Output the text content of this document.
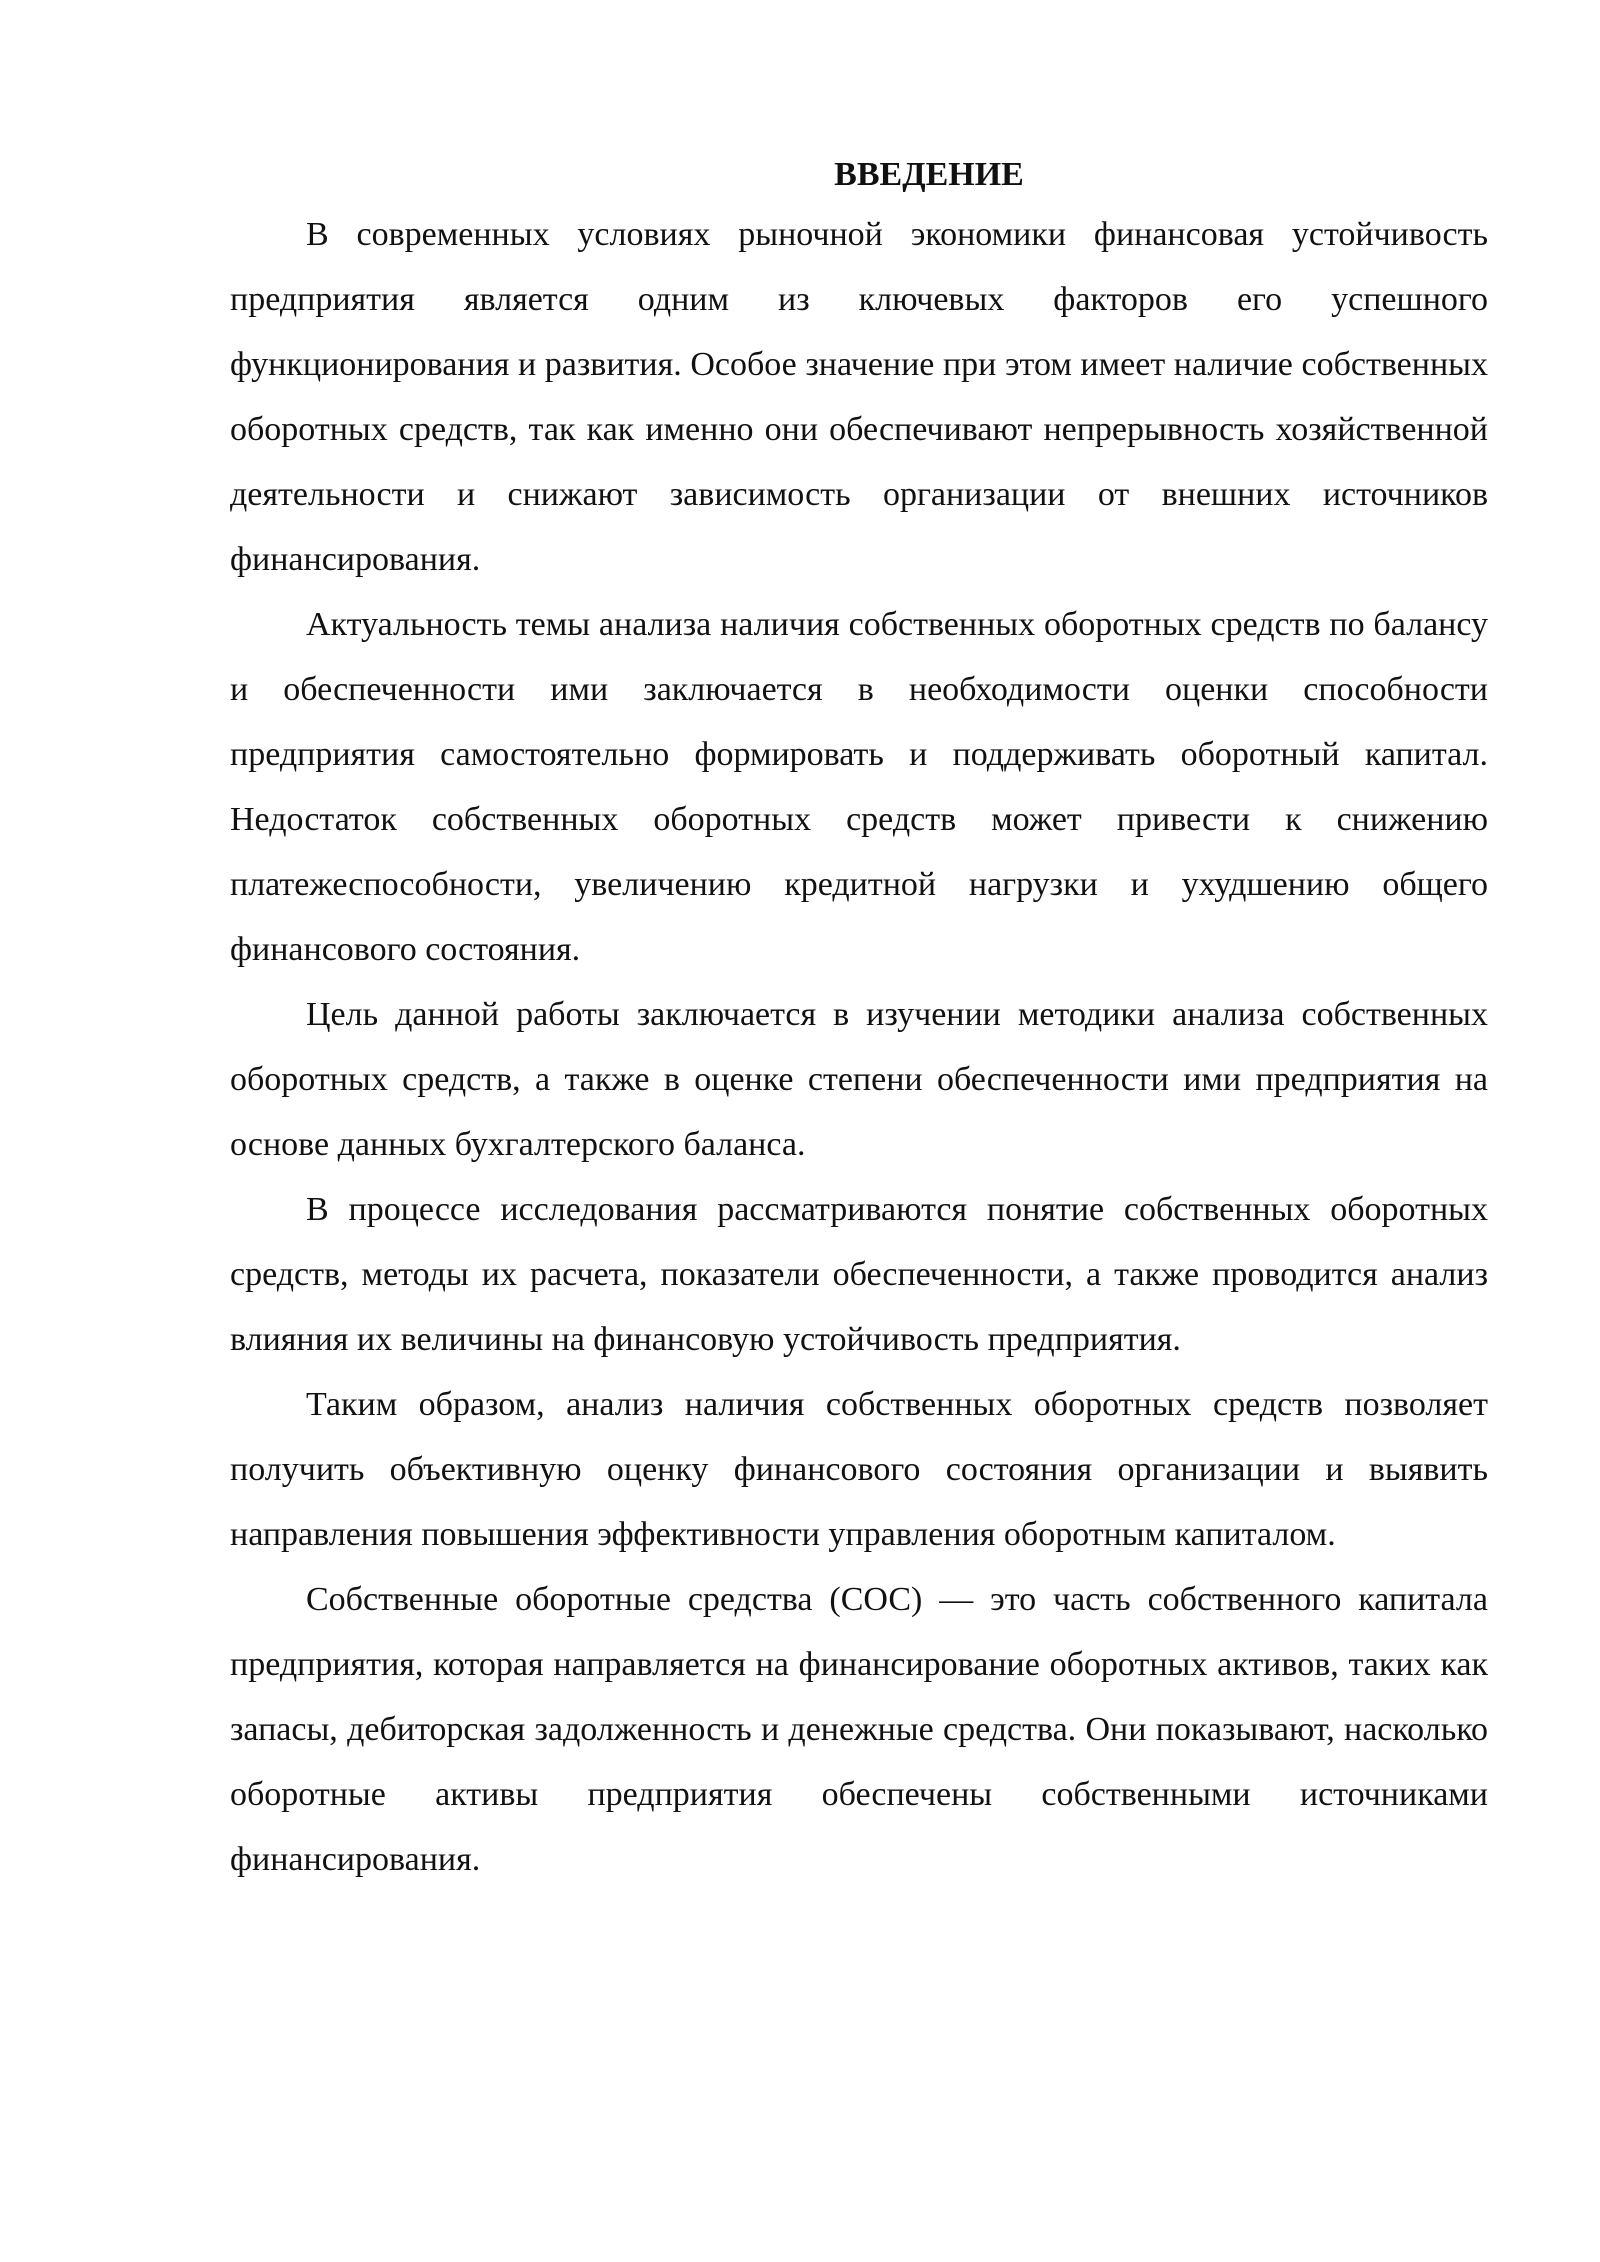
ВВЕДЕНИЕ

В современных условиях рыночной экономики финансовая устойчивость предприятия является одним из ключевых факторов его успешного функционирования и развития. Особое значение при этом имеет наличие собственных оборотных средств, так как именно они обеспечивают непрерывность хозяйственной деятельности и снижают зависимость организации от внешних источников финансирования.

Актуальность темы анализа наличия собственных оборотных средств по балансу и обеспеченности ими заключается в необходимости оценки способности предприятия самостоятельно формировать и поддерживать оборотный капитал. Недостаток собственных оборотных средств может привести к снижению платежеспособности, увеличению кредитной нагрузки и ухудшению общего финансового состояния.

Цель данной работы заключается в изучении методики анализа собственных оборотных средств, а также в оценке степени обеспеченности ими предприятия на основе данных бухгалтерского баланса.

В процессе исследования рассматриваются понятие собственных оборотных средств, методы их расчета, показатели обеспеченности, а также проводится анализ влияния их величины на финансовую устойчивость предприятия.

Таким образом, анализ наличия собственных оборотных средств позволяет получить объективную оценку финансового состояния организации и выявить направления повышения эффективности управления оборотным капиталом.

Собственные оборотные средства (СОС) — это часть собственного капитала предприятия, которая направляется на финансирование оборотных активов, таких как запасы, дебиторская задолженность и денежные средства. Они показывают, насколько оборотные активы предприятия обеспечены собственными источниками финансирования.
